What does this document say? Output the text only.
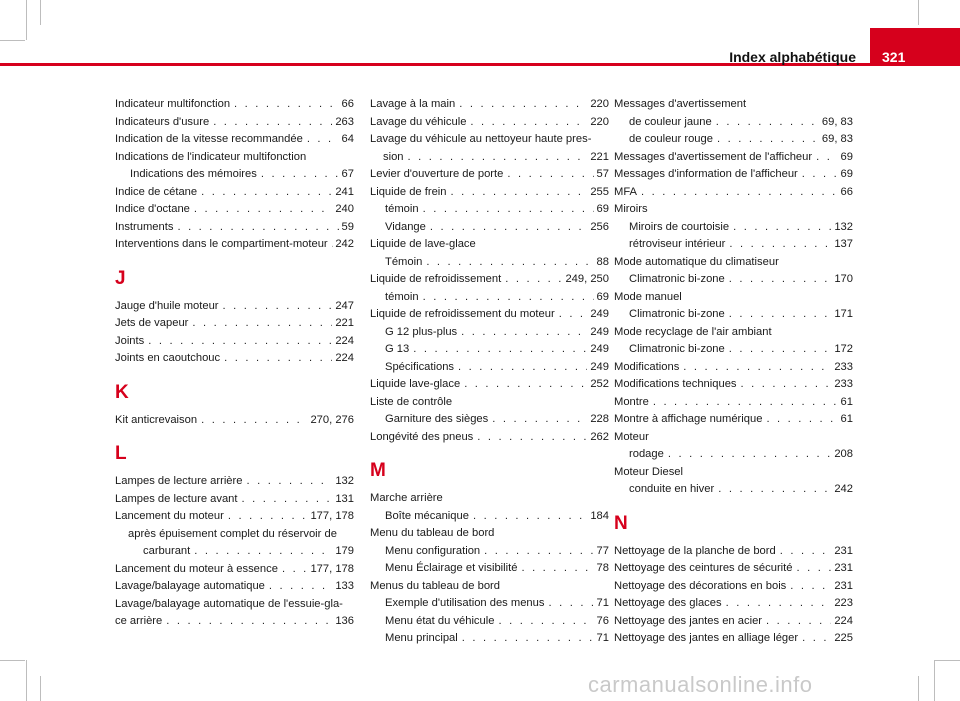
321
Index alphabétique
Indicateur multifonction . . .	66
Indicateurs d'usure . . .	263
Indication de la vitesse recommandée . . .	64
Indications de l'indicateur multifonction
Indications des mémoires . . .	67
Indice de cétane . . .	241
Indice d'octane . . .	240
Instruments . . .	59
Interventions dans le compartiment-moteur . . . 242
J
Jauge d'huile moteur . . .	247
Jets de vapeur . . .	221
Joints . . .	224
Joints en caoutchouc . . .	224
K
Kit anticrevaison . . .	270, 276
L
Lampes de lecture arrière . . .	132
Lampes de lecture avant . . .	131
Lancement du moteur . . .	177, 178
après épuisement complet du réservoir de
carburant . . .	179
Lancement du moteur à essence . . .	177, 178
Lavage/balayage automatique . . .	133
Lavage/balayage automatique de l'essuie-gla-
ce arrière . . .	136
Lavage à la main . . .	220
Lavage du véhicule . . .	220
Lavage du véhicule au nettoyeur haute pres-
sion . . .	221
Levier d'ouverture de porte . . .	57
Liquide de frein . . .	255
témoin . . .	69
Vidange . . .	256
Liquide de lave-glace
Témoin . . .	88
Liquide de refroidissement . . .	249, 250
témoin . . .	69
Liquide de refroidissement du moteur . . .	249
G 12 plus-plus . . .	249
G 13 . . .	249
Spécifications . . .	249
Liquide lave-glace . . .	252
Liste de contrôle
Garniture des sièges . . .	228
Longévité des pneus . . .	262
M
Marche arrière
Boîte mécanique . . .	184
Menu du tableau de bord
Menu configuration . . .	77
Menu Éclairage et visibilité . . .	78
Menus du tableau de bord
Exemple d'utilisation des menus . . .	71
Menu état du véhicule . . .	76
Menu principal . . .	71
Messages d'avertissement
de couleur jaune . . .	69, 83
de couleur rouge . . .	69, 83
Messages d'avertissement de l'afficheur . . .	69
Messages d'information de l'afficheur . . .	69
MFA . . .	66
Miroirs
Miroirs de courtoisie . . .	132
rétroviseur intérieur . . .	137
Mode automatique du climatiseur
Climatronic bi-zone . . .	170
Mode manuel
Climatronic bi-zone . . .	171
Mode recyclage de l'air ambiant
Climatronic bi-zone . . .	172
Modifications . . .	233
Modifications techniques . . .	233
Montre . . .	61
Montre à affichage numérique . . .	61
Moteur
rodage . . .	208
Moteur Diesel
conduite en hiver . . .	242
N
Nettoyage de la planche de bord . . .	231
Nettoyage des ceintures de sécurité . . .	231
Nettoyage des décorations en bois . . .	231
Nettoyage des glaces . . .	223
Nettoyage des jantes en acier . . .	224
Nettoyage des jantes en alliage léger . . .	225
carmanualsonline.info
